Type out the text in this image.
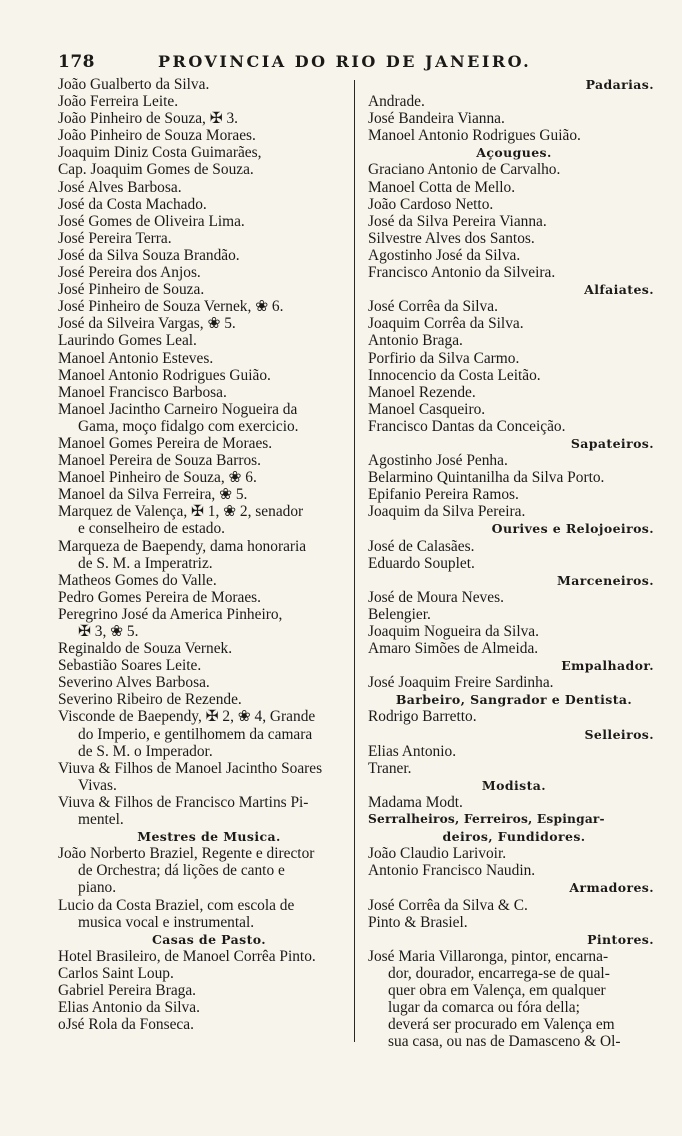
178	PROVINCIA DO RIO DE JANEIRO.
João Gualberto da Silva.
João Ferreira Leite.
João Pinheiro de Souza, ✠ 3.
João Pinheiro de Souza Moraes.
Joaquim Diniz Costa Guimarães,
Cap. Joaquim Gomes de Souza.
José Alves Barbosa.
José da Costa Machado.
José Gomes de Oliveira Lima.
José Pereira Terra.
José da Silva Souza Brandão.
José Pereira dos Anjos.
José Pinheiro de Souza.
José Pinheiro de Souza Vernek, ❀ 6.
José da Silveira Vargas, ❀ 5.
Laurindo Gomes Leal.
Manoel Antonio Esteves.
Manoel Antonio Rodrigues Guião.
Manoel Francisco Barbosa.
Manoel Jacintho Carneiro Nogueira da
Gama, moço fidalgo com exercicio.
Manoel Gomes Pereira de Moraes.
Manoel Pereira de Souza Barros.
Manoel Pinheiro de Souza, ❀ 6.
Manoel da Silva Ferreira, ❀ 5.
Marquez de Valença, ✠ 1, ❀ 2, senador
e conselheiro de estado.
Marqueza de Baependy, dama honoraria
de S. M. a Imperatriz.
Matheos Gomes do Valle.
Pedro Gomes Pereira de Moraes.
Peregrino José da America Pinheiro,
✠ 3, ❀ 5.
Reginaldo de Souza Vernek.
Sebastião Soares Leite.
Severino Alves Barbosa.
Severino Ribeiro de Rezende.
Visconde de Baependy, ✠ 2, ❀ 4, Grande
do Imperio, e gentilhomem da camara
de S. M. o Imperador.
Viuva & Filhos de Manoel Jacintho Soares
Vivas.
Viuva & Filhos de Francisco Martins Pi-
mentel.
Mestres de Musica.
João Norberto Braziel, Regente e director
de Orchestra; dá lições de canto e
piano.
Lucio da Costa Braziel, com escola de
musica vocal e instrumental.
Casas de Pasto.
Hotel Brasileiro, de Manoel Corrêa Pinto.
Carlos Saint Loup.
Gabriel Pereira Braga.
Elias Antonio da Silva.
oJsé Rola da Fonseca.
Padarias.
Andrade.
José Bandeira Vianna.
Manoel Antonio Rodrigues Guião.
Açougues.
Graciano Antonio de Carvalho.
Manoel Cotta de Mello.
João Cardoso Netto.
José da Silva Pereira Vianna.
Silvestre Alves dos Santos.
Agostinho José da Silva.
Francisco Antonio da Silveira.
Alfaiates.
José Corrêa da Silva.
Joaquim Corrêa da Silva.
Antonio Braga.
Porfirio da Silva Carmo.
Innocencio da Costa Leitão.
Manoel Rezende.
Manoel Casqueiro.
Francisco Dantas da Conceição.
Sapateiros.
Agostinho José Penha.
Belarmino Quintanilha da Silva Porto.
Epifanio Pereira Ramos.
Joaquim da Silva Pereira.
Ourives e Relojoeiros.
José de Calasães.
Eduardo Souplet.
Marceneiros.
José de Moura Neves.
Belengier.
Joaquim Nogueira da Silva.
Amaro Simões de Almeida.
Empalhador.
José Joaquim Freire Sardinha.
Barbeiro, Sangrador e Dentista.
Rodrigo Barretto.
Selleiros.
Elias Antonio.
Traner.
Modista.
Madama Modt.
Serralheiros, Ferreiros, Espingar-
deiros, Fundidores.
João Claudio Larivoir.
Antonio Francisco Naudin.
Armadores.
José Corrêa da Silva & C.
Pinto & Brasiel.
Pintores.
José Maria Villaronga, pintor, encarna-
dor, dourador, encarrega-se de qual-
quer obra em Valença, em qualquer
lugar da comarca ou fóra della;
deverá ser procurado em Valença em
sua casa, ou nas de Damasceno & Ol-
